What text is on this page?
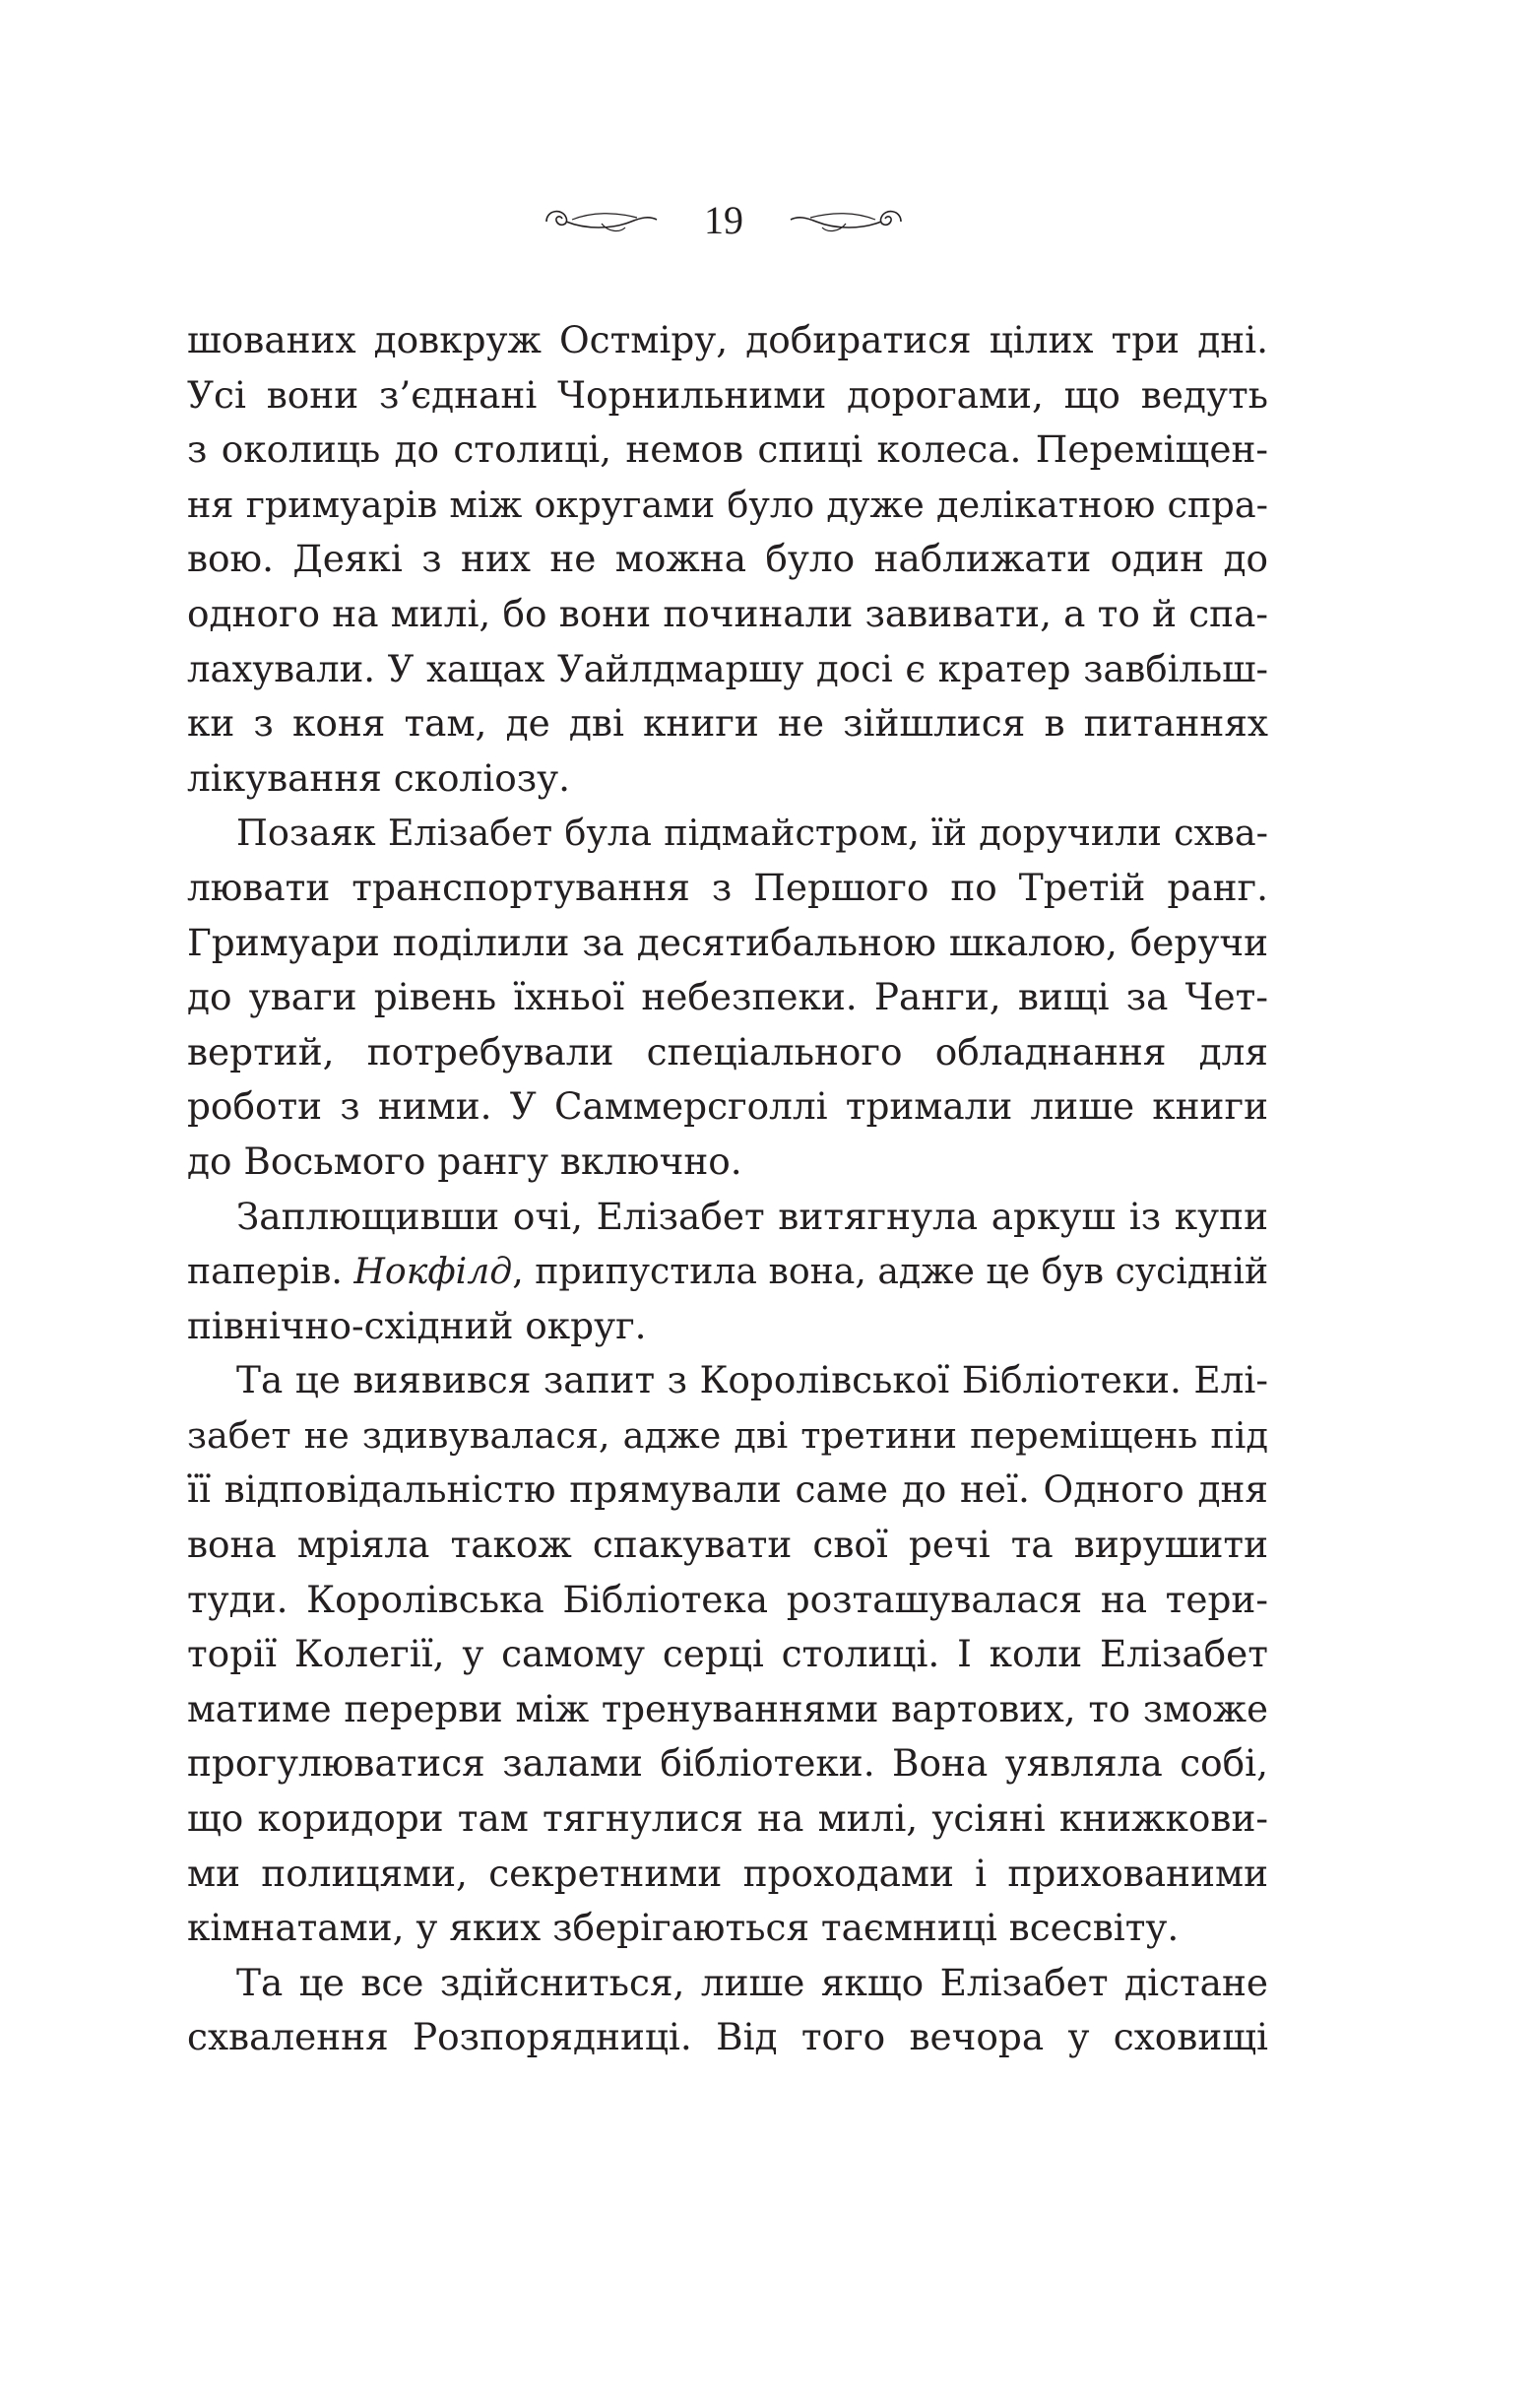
19
шованих довкруж Остміру, добиратися цілих три дні.
Усі вони з’єднані Чорнильними дорогами, що ведуть
з околиць до столиці, немов спиці колеса. Переміщен-
ня гримуарів між округами було дуже делікатною спра-
вою. Деякі з них не можна було наближати один до
одного на милі, бо вони починали завивати, а то й спа-
лахували. У хащах Уайлдмаршу досі є кратер завбільш-
ки з коня там, де дві книги не зійшлися в питаннях
лікування сколіозу.
Позаяк Елізабет була підмайстром, їй доручили схва-
лювати транспортування з Першого по Третій ранг.
Гримуари поділили за десятибальною шкалою, беручи
до уваги рівень їхньої небезпеки. Ранги, вищі за Чет-
вертий, потребували спеціального обладнання для
роботи з ними. У Саммерсголлі тримали лише книги
до Восьмого рангу включно.
Заплющивши очі, Елізабет витягнула аркуш із купи
паперів. Нокфілд, припустила вона, адже це був сусідній
північно-східний округ.
Та це виявився запит з Королівської Бібліотеки. Елі-
забет не здивувалася, адже дві третини переміщень під
її відповідальністю прямували саме до неї. Одного дня
вона мріяла також спакувати свої речі та вирушити
туди. Королівська Бібліотека розташувалася на тери-
торії Колегії, у самому серці столиці. І коли Елізабет
матиме перерви між тренуваннями вартових, то зможе
прогулюватися залами бібліотеки. Вона уявляла собі,
що коридори там тягнулися на милі, усіяні книжкови-
ми полицями, секретними проходами і прихованими
кімнатами, у яких зберігаються таємниці всесвіту.
Та це все здійсниться, лише якщо Елізабет дістане
схвалення Розпорядниці. Від того вечора у сховищі
